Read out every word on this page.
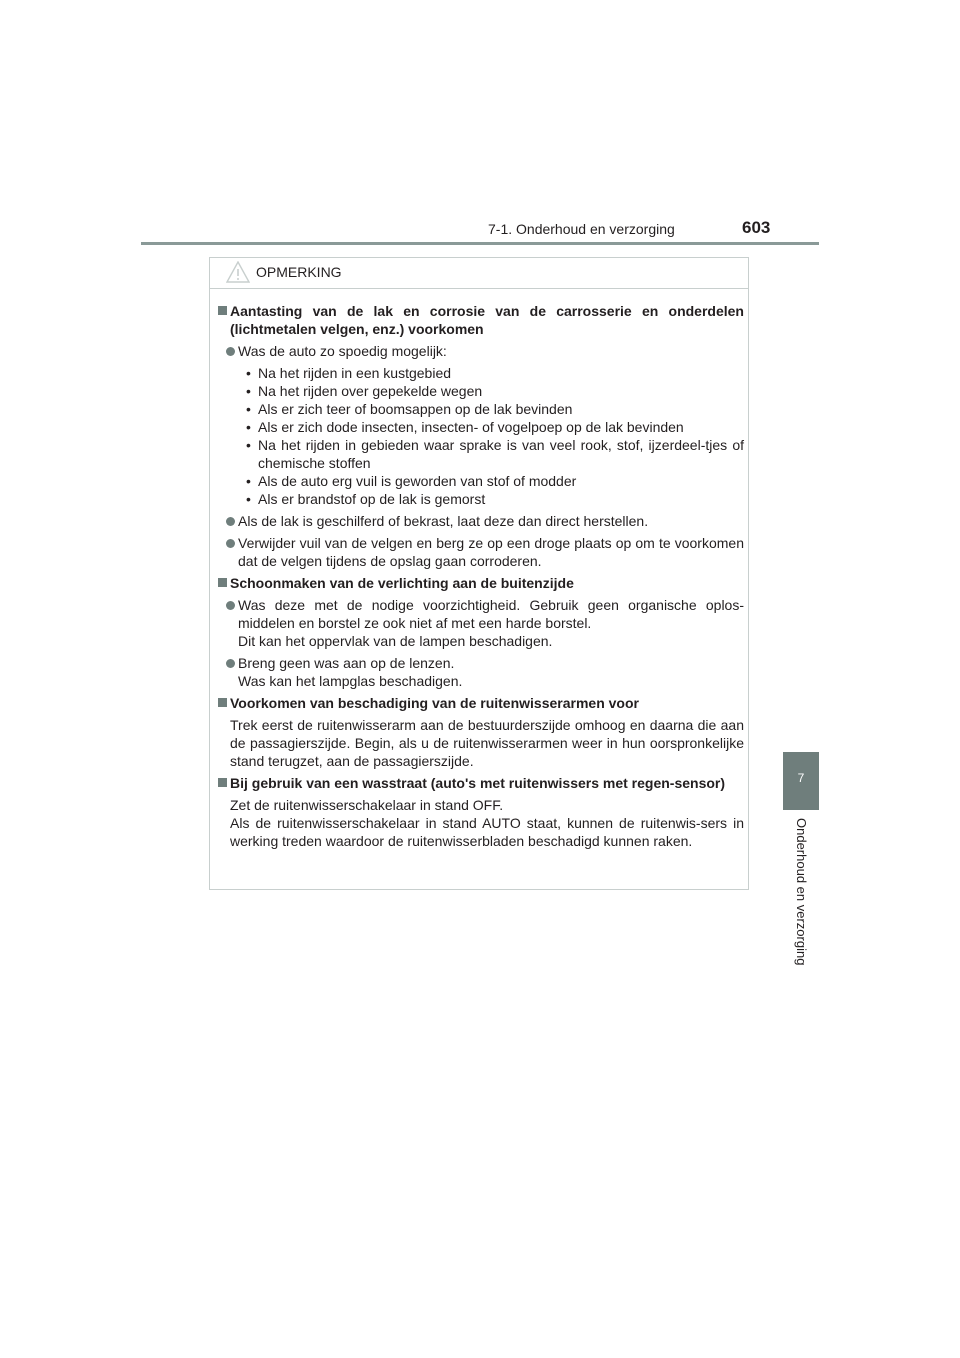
7-1. Onderhoud en verzorging	603
7
Onderhoud en verzorging
OPMERKING
Aantasting van de lak en corrosie van de carrosserie en onderdelen (lichtmetalen velgen, enz.) voorkomen
Was de auto zo spoedig mogelijk:
• Na het rijden in een kustgebied
• Na het rijden over gepekelde wegen
• Als er zich teer of boomsappen op de lak bevinden
• Als er zich dode insecten, insecten- of vogelpoep op de lak bevinden
• Na het rijden in gebieden waar sprake is van veel rook, stof, ijzerdeel-tjes of chemische stoffen
• Als de auto erg vuil is geworden van stof of modder
• Als er brandstof op de lak is gemorst
Als de lak is geschilferd of bekrast, laat deze dan direct herstellen.
Verwijder vuil van de velgen en berg ze op een droge plaats op om te voorkomen dat de velgen tijdens de opslag gaan corroderen.
Schoonmaken van de verlichting aan de buitenzijde
Was deze met de nodige voorzichtigheid. Gebruik geen organische oplos-middelen en borstel ze ook niet af met een harde borstel.
Dit kan het oppervlak van de lampen beschadigen.
Breng geen was aan op de lenzen.
Was kan het lampglas beschadigen.
Voorkomen van beschadiging van de ruitenwisserarmen voor
Trek eerst de ruitenwisserarm aan de bestuurderszijde omhoog en daarna die aan de passagierszijde. Begin, als u de ruitenwisserarmen weer in hun oorspronkelijke stand terugzet, aan de passagierszijde.
Bij gebruik van een wasstraat (auto's met ruitenwissers met regen-sensor)
Zet de ruitenwisserschakelaar in stand OFF.
Als de ruitenwisserschakelaar in stand AUTO staat, kunnen de ruitenwis-sers in werking treden waardoor de ruitenwisserbladen beschadigd kunnen raken.
